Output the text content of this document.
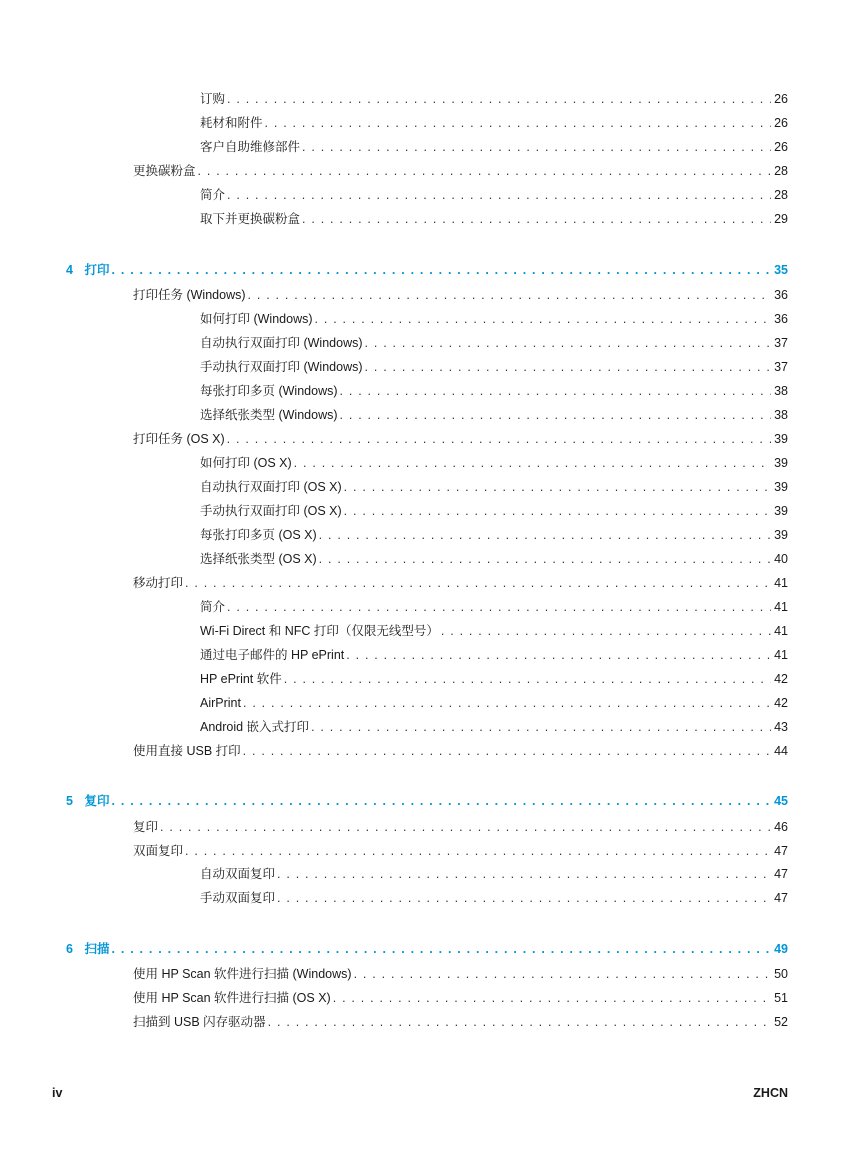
订购 . . .	26
耗材和附件 . . .	26
客户自助维修部件 . . .	26
更换碳粉盒 . . .	28
简介 . . .	28
取下并更换碳粉盒 . . .	29
4 打印 . . .	35
打印任务 (Windows) . . .	36
如何打印 (Windows) . . .	36
自动执行双面打印 (Windows) . . .	37
手动执行双面打印 (Windows) . . .	37
每张打印多页 (Windows) . . .	38
选择纸张类型 (Windows) . . .	38
打印任务 (OS X) . . .	39
如何打印 (OS X) . . .	39
自动执行双面打印 (OS X) . . .	39
手动执行双面打印 (OS X) . . .	39
每张打印多页 (OS X) . . .	39
选择纸张类型 (OS X) . . .	40
移动打印 . . .	41
简介 . . .	41
Wi-Fi Direct 和 NFC 打印（仅限无线型号） . . .	41
通过电子邮件的 HP ePrint . . .	41
HP ePrint 软件 . . .	42
AirPrint . . .	42
Android 嵌入式打印 . . .	43
使用直接 USB 打印 . . .	44
5 复印 . . .	45
复印 . . .	46
双面复印 . . .	47
自动双面复印 . . .	47
手动双面复印 . . .	47
6 扫描 . . .	49
使用 HP Scan 软件进行扫描 (Windows) . . .	50
使用 HP Scan 软件进行扫描 (OS X) . . .	51
扫描到 USB 闪存驱动器 . . .	52
iv	ZHCN
